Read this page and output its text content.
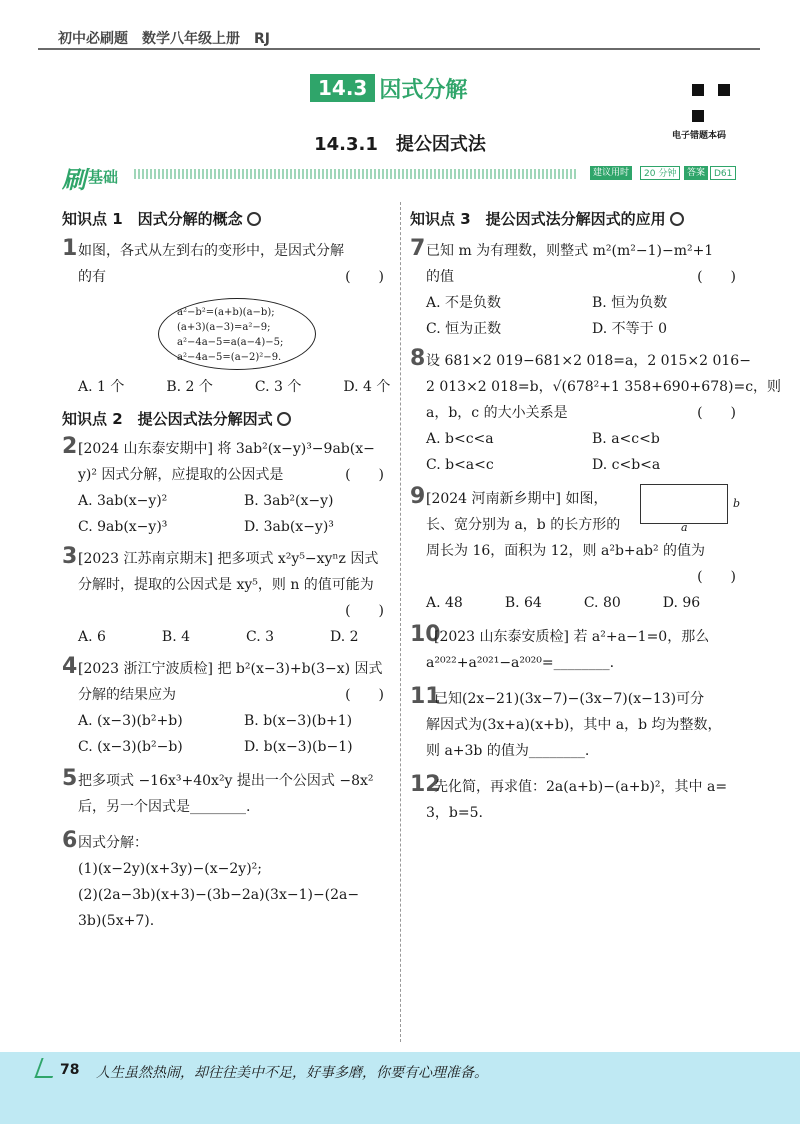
初中必刷题　数学八年级上册　RJ
14.3 因式分解
电子错题本码
14.3.1　提公因式法
刷 基础	建议用时	20 分钟	答案 D61
知识点 1　因式分解的概念
1如图，各式从左到右的变形中，是因式分解
的有	(　　)
A. 1 个　　　B. 2 个　　　C. 3 个　　　D. 4 个
知识点 2　提公因式法分解因式
2[2024 山东泰安期中] 将 3ab²(x−y)³−9ab(x−
y)² 因式分解，应提取的公因式是	(　　)
A. 3ab(x−y)²	B. 3ab²(x−y)
C. 9ab(x−y)³	D. 3ab(x−y)³
3[2023 江苏南京期末] 把多项式 x²y⁵−xyⁿz 因式
分解时，提取的公因式是 xy⁵，则 n 的值可能为
(　　)
A. 6　　　　B. 4　　　　C. 3　　　　D. 2
4[2023 浙江宁波质检] 把 b²(x−3)+b(3−x) 因式
分解的结果应为	(　　)
A. (x−3)(b²+b)	B. b(x−3)(b+1)
C. (x−3)(b²−b)	D. b(x−3)(b−1)
5把多项式 −16x³+40x²y 提出一个公因式 −8x²
后，另一个因式是________.
6因式分解：
(1)(x−2y)(x+3y)−(x−2y)²;
(2)(2a−3b)(x+3)−(3b−2a)(3x−1)−(2a−
3b)(5x+7).
a²−b²=(a+b)(a−b);
(a+3)(a−3)=a²−9;
a²−4a−5=a(a−4)−5;
a²−4a−5=(a−2)²−9.
知识点 3　提公因式法分解因式的应用
7已知 m 为有理数，则整式 m²(m²−1)−m²+1
的值	(　　)
A. 不是负数	B. 恒为负数
C. 恒为正数	D. 不等于 0
8设 681×2 019−681×2 018=a，2 015×2 016−
2 013×2 018=b，√(678²+1 358+690+678)=c，则
a，b，c 的大小关系是	(　　)
A. b<c<a	B. a<c<b
C. b<a<c	D. c<b<a
9[2024 河南新乡期中] 如图，
长、宽分别为 a，b 的长方形的
周长为 16，面积为 12，则 a²b+ab² 的值为
(　　)
A. 48　　　B. 64　　　C. 80　　　D. 96
10[2023 山东泰安质检] 若 a²+a−1=0，那么
a²⁰²²+a²⁰²¹−a²⁰²⁰=________.
11已知(2x−21)(3x−7)−(3x−7)(x−13)可分
解因式为(3x+a)(x+b)，其中 a，b 均为整数，
则 a+3b 的值为________.
12先化简，再求值：2a(a+b)−(a+b)²，其中 a=
3，b=5.
a
b
78 人生虽然热闹，却往往美中不足，好事多磨，你要有心理准备。
